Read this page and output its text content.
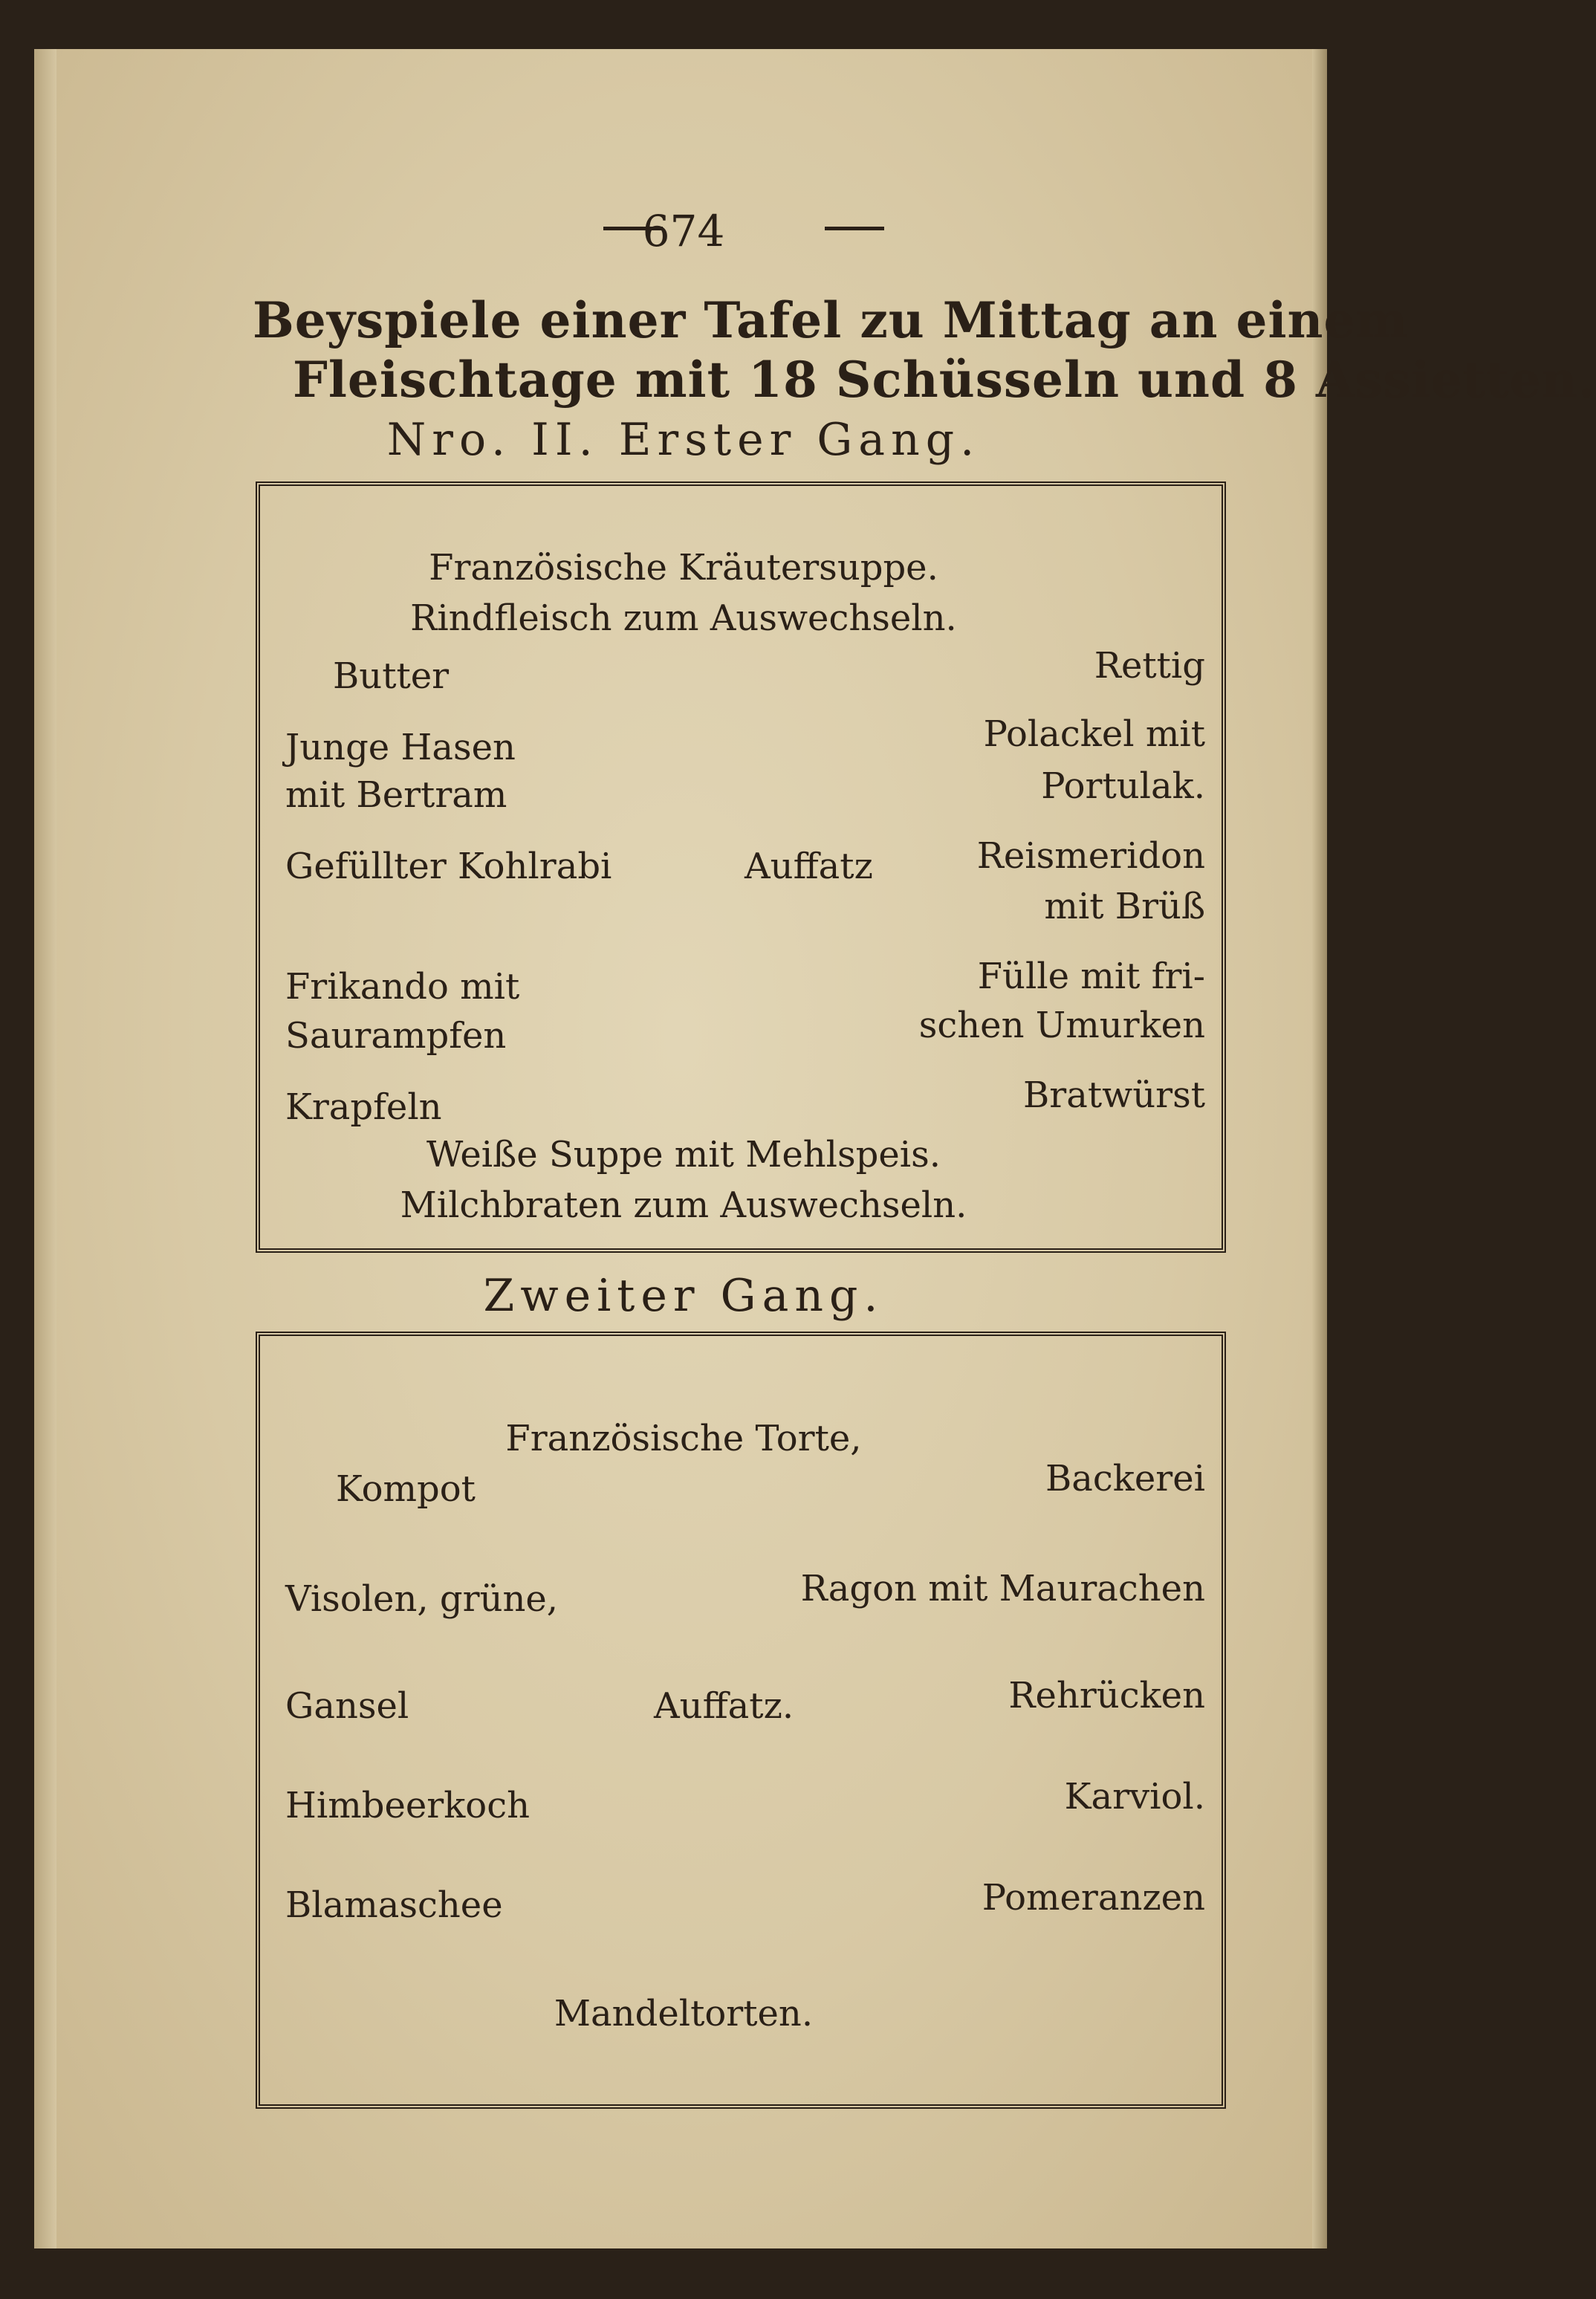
674
Beyspiele einer Tafel zu Mittag an einem
Fleischtage mit 18 Schüsseln und 8 Assietten.
Nro. II. Erster Gang.
Französische Kräutersuppe.
Rindfleisch zum Auswechseln.
Butter
Junge Hasen
mit Bertram
Gefüllter Kohlrabi
Frikando mit
Saurampfen
Krapfeln
Auffatz
Rettig
Polackel mit
Portulak.
Reismeridon
mit Brüß
Fülle mit fri-
schen Umurken
Bratwürst
Weiße Suppe mit Mehlspeis.
Milchbraten zum Auswechseln.
Zweiter Gang.
Französische Torte,
Kompot
Visolen, grüne,
Gansel
Himbeerkoch
Blamaschee
Auffatz.
Backerei
Ragon mit Maurachen
Rehrücken
Karviol.
Pomeranzen
Mandeltorten.
